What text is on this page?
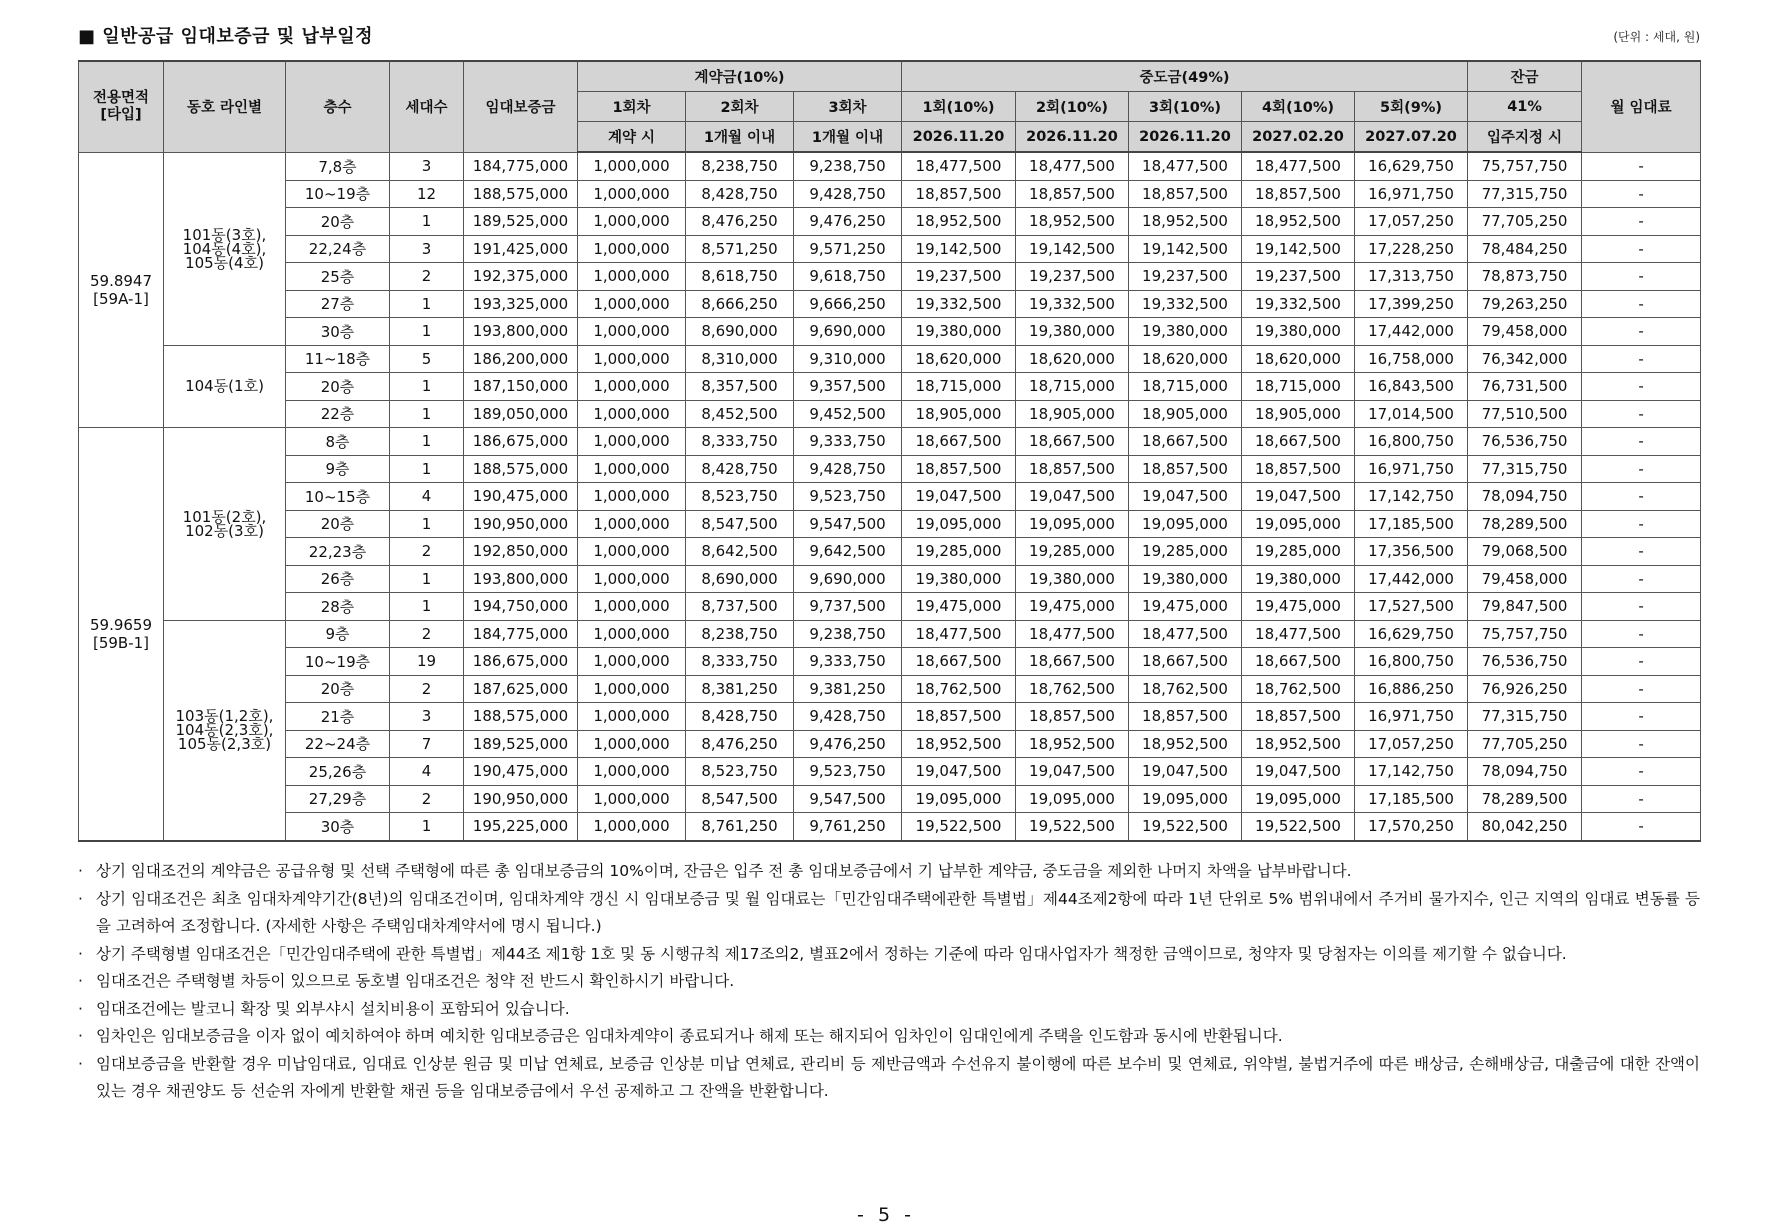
■ 일반공급 임대보증금 및 납부일정	(단위 : 세대, 원)
전용면적
[타입]	동호 라인별	층수	세대수	임대보증금	계약금(10%)			중도금(49%)					잔금	월 임대료
					1회차	2회차	3회차	1회(10%)	2회(10%)	3회(10%)	4회(10%)	5회(9%)	41%	
					계약 시	1개월 이내	1개월 이내	2026.11.20	2026.11.20	2026.11.20	2027.02.20	2027.07.20	입주지정 시	
59.8947
[59A-1]	101동(3호),
104동(4호),
105동(4호)	7,8층	3	184,775,000	1,000,000	8,238,750	9,238,750	18,477,500	18,477,500	18,477,500	18,477,500	16,629,750	75,757,750	-
		10~19층	12	188,575,000	1,000,000	8,428,750	9,428,750	18,857,500	18,857,500	18,857,500	18,857,500	16,971,750	77,315,750	-
		20층	1	189,525,000	1,000,000	8,476,250	9,476,250	18,952,500	18,952,500	18,952,500	18,952,500	17,057,250	77,705,250	-
		22,24층	3	191,425,000	1,000,000	8,571,250	9,571,250	19,142,500	19,142,500	19,142,500	19,142,500	17,228,250	78,484,250	-
		25층	2	192,375,000	1,000,000	8,618,750	9,618,750	19,237,500	19,237,500	19,237,500	19,237,500	17,313,750	78,873,750	-
		27층	1	193,325,000	1,000,000	8,666,250	9,666,250	19,332,500	19,332,500	19,332,500	19,332,500	17,399,250	79,263,250	-
		30층	1	193,800,000	1,000,000	8,690,000	9,690,000	19,380,000	19,380,000	19,380,000	19,380,000	17,442,000	79,458,000	-
	104동(1호)	11~18층	5	186,200,000	1,000,000	8,310,000	9,310,000	18,620,000	18,620,000	18,620,000	18,620,000	16,758,000	76,342,000	-
		20층	1	187,150,000	1,000,000	8,357,500	9,357,500	18,715,000	18,715,000	18,715,000	18,715,000	16,843,500	76,731,500	-
		22층	1	189,050,000	1,000,000	8,452,500	9,452,500	18,905,000	18,905,000	18,905,000	18,905,000	17,014,500	77,510,500	-
59.9659
[59B-1]	101동(2호),
102동(3호)	8층	1	186,675,000	1,000,000	8,333,750	9,333,750	18,667,500	18,667,500	18,667,500	18,667,500	16,800,750	76,536,750	-
		9층	1	188,575,000	1,000,000	8,428,750	9,428,750	18,857,500	18,857,500	18,857,500	18,857,500	16,971,750	77,315,750	-
		10~15층	4	190,475,000	1,000,000	8,523,750	9,523,750	19,047,500	19,047,500	19,047,500	19,047,500	17,142,750	78,094,750	-
		20층	1	190,950,000	1,000,000	8,547,500	9,547,500	19,095,000	19,095,000	19,095,000	19,095,000	17,185,500	78,289,500	-
		22,23층	2	192,850,000	1,000,000	8,642,500	9,642,500	19,285,000	19,285,000	19,285,000	19,285,000	17,356,500	79,068,500	-
		26층	1	193,800,000	1,000,000	8,690,000	9,690,000	19,380,000	19,380,000	19,380,000	19,380,000	17,442,000	79,458,000	-
		28층	1	194,750,000	1,000,000	8,737,500	9,737,500	19,475,000	19,475,000	19,475,000	19,475,000	17,527,500	79,847,500	-
	103동(1,2호),
104동(2,3호),
105동(2,3호)	9층	2	184,775,000	1,000,000	8,238,750	9,238,750	18,477,500	18,477,500	18,477,500	18,477,500	16,629,750	75,757,750	-
		10~19층	19	186,675,000	1,000,000	8,333,750	9,333,750	18,667,500	18,667,500	18,667,500	18,667,500	16,800,750	76,536,750	-
		20층	2	187,625,000	1,000,000	8,381,250	9,381,250	18,762,500	18,762,500	18,762,500	18,762,500	16,886,250	76,926,250	-
		21층	3	188,575,000	1,000,000	8,428,750	9,428,750	18,857,500	18,857,500	18,857,500	18,857,500	16,971,750	77,315,750	-
		22~24층	7	189,525,000	1,000,000	8,476,250	9,476,250	18,952,500	18,952,500	18,952,500	18,952,500	17,057,250	77,705,250	-
		25,26층	4	190,475,000	1,000,000	8,523,750	9,523,750	19,047,500	19,047,500	19,047,500	19,047,500	17,142,750	78,094,750	-
		27,29층	2	190,950,000	1,000,000	8,547,500	9,547,500	19,095,000	19,095,000	19,095,000	19,095,000	17,185,500	78,289,500	-
		30층	1	195,225,000	1,000,000	8,761,250	9,761,250	19,522,500	19,522,500	19,522,500	19,522,500	17,570,250	80,042,250	-
· 상기 임대조건의 계약금은 공급유형 및 선택 주택형에 따른 총 임대보증금의 10%이며, 잔금은 입주 전 총 임대보증금에서 기 납부한 계약금, 중도금을 제외한 나머지 차액을 납부바랍니다.
· 상기 임대조건은 최초 임대차계약기간(8년)의 임대조건이며, 임대차계약 갱신 시 임대보증금 및 월 임대료는「민간임대주택에관한 특별법」제44조제2항에 따라 1년 단위로 5% 범위내에서 주거비 물가지수, 인근 지역의 임대료 변동률 등을 고려하여 조정합니다. (자세한 사항은 주택임대차계약서에 명시 됩니다.)
· 상기 주택형별 임대조건은「민간임대주택에 관한 특별법」제44조 제1항 1호 및 동 시행규칙 제17조의2, 별표2에서 정하는 기준에 따라 임대사업자가 책정한 금액이므로, 청약자 및 당첨자는 이의를 제기할 수 없습니다.
· 임대조건은 주택형별 차등이 있으므로 동호별 임대조건은 청약 전 반드시 확인하시기 바랍니다.
· 임대조건에는 발코니 확장 및 외부샤시 설치비용이 포함되어 있습니다.
· 임차인은 임대보증금을 이자 없이 예치하여야 하며 예치한 임대보증금은 임대차계약이 종료되거나 해제 또는 해지되어 임차인이 임대인에게 주택을 인도함과 동시에 반환됩니다.
· 임대보증금을 반환할 경우 미납임대료, 임대료 인상분 원금 및 미납 연체료, 보증금 인상분 미납 연체료, 관리비 등 제반금액과 수선유지 불이행에 따른 보수비 및 연체료, 위약벌, 불법거주에 따른 배상금, 손해배상금, 대출금에 대한 잔액이 있는 경우 채권양도 등 선순위 자에게 반환할 채권 등을 임대보증금에서 우선 공제하고 그 잔액을 반환합니다.
- 5 -
